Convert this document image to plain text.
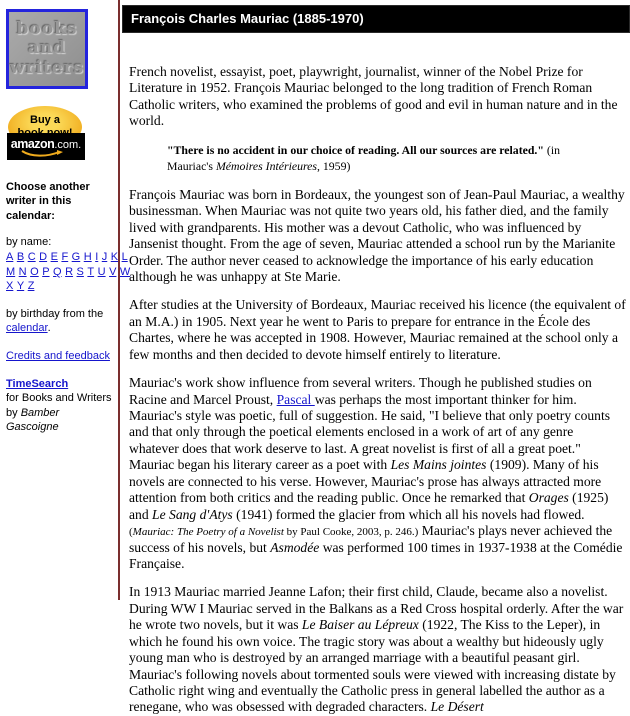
books
and
writers
Buy a
amazon.com.
Choose another writer in this calendar:
by name:
A B C D E F G H I J K L
M N O P Q R S T U V W
X Y Z
by birthday from the calendar.
Credits and feedback
TimeSearch
for Books and Writers
by Bamber Gascoigne
François Charles Mauriac (1885-1970)

French novelist, essayist, poet, playwright, journalist, winner of the Nobel Prize for Literature in 1952. François Mauriac belonged to the long tradition of French Roman Catholic writers, who examined the problems of good and evil in human nature and in the world.

"There is no accident in our choice of reading. All our sources are related." (in Mauriac's Mémoires Intérieures, 1959)

François Mauriac was born in Bordeaux, the youngest son of Jean-Paul Mauriac, a wealthy businessman. When Mauriac was not quite two years old, his father died, and the family lived with grandparents. His mother was a devout Catholic, who was influenced by Jansenist thought. From the age of seven, Mauriac attended a school run by the Marianite Order. The author never ceased to acknowledge the importance of his early education although he was unhappy at Ste Marie.

After studies at the University of Bordeaux, Mauriac received his licence (the equivalent of an M.A.) in 1905. Next year he went to Paris to prepare for entrance in the École des Chartes, where he was accepted in 1908. However, Mauriac remained at the school only a few months and then decided to devote himself entirely to literature.

Mauriac's work show influence from several writers. Though he published studies on Racine and Marcel Proust, Pascal was perhaps the most important thinker for him. Mauriac's style was poetic, full of suggestion. He said, "I believe that only poetry counts and that only through the poetical elements enclosed in a work of art of any genre whatever does that work deserve to last. A great novelist is first of all a great poet." Mauriac began his literary career as a poet with Les Mains jointes (1909). Many of his novels are connected to his verse. However, Mauriac's prose has always attracted more attention from both critics and the reading public. Once he remarked that Orages (1925) and Le Sang d'Atys (1941) formed the glacier from which all his novels had flowed. (Mauriac: The Poetry of a Novelist by Paul Cooke, 2003, p. 246.) Mauriac's plays never achieved the success of his novels, but Asmodée was performed 100 times in 1937-1938 at the Comédie Française.

In 1913 Mauriac married Jeanne Lafon; their first child, Claude, became also a novelist. During WW I Mauriac served in the Balkans as a Red Cross hospital orderly. After the war he wrote two novels, but it was Le Baiser au Lépreux (1922, The Kiss to the Leper), in which he found his own voice. The tragic story was about a wealthy but hideously ugly young man who is destroyed by an arranged marriage with a beautiful peasant girl. Mauriac's following novels about tormented souls were viewed with increasing distate by Catholic right wing and eventually the Catholic press in general labelled the author as a renegane, who was obsessed with degraded characters. Le Désert
